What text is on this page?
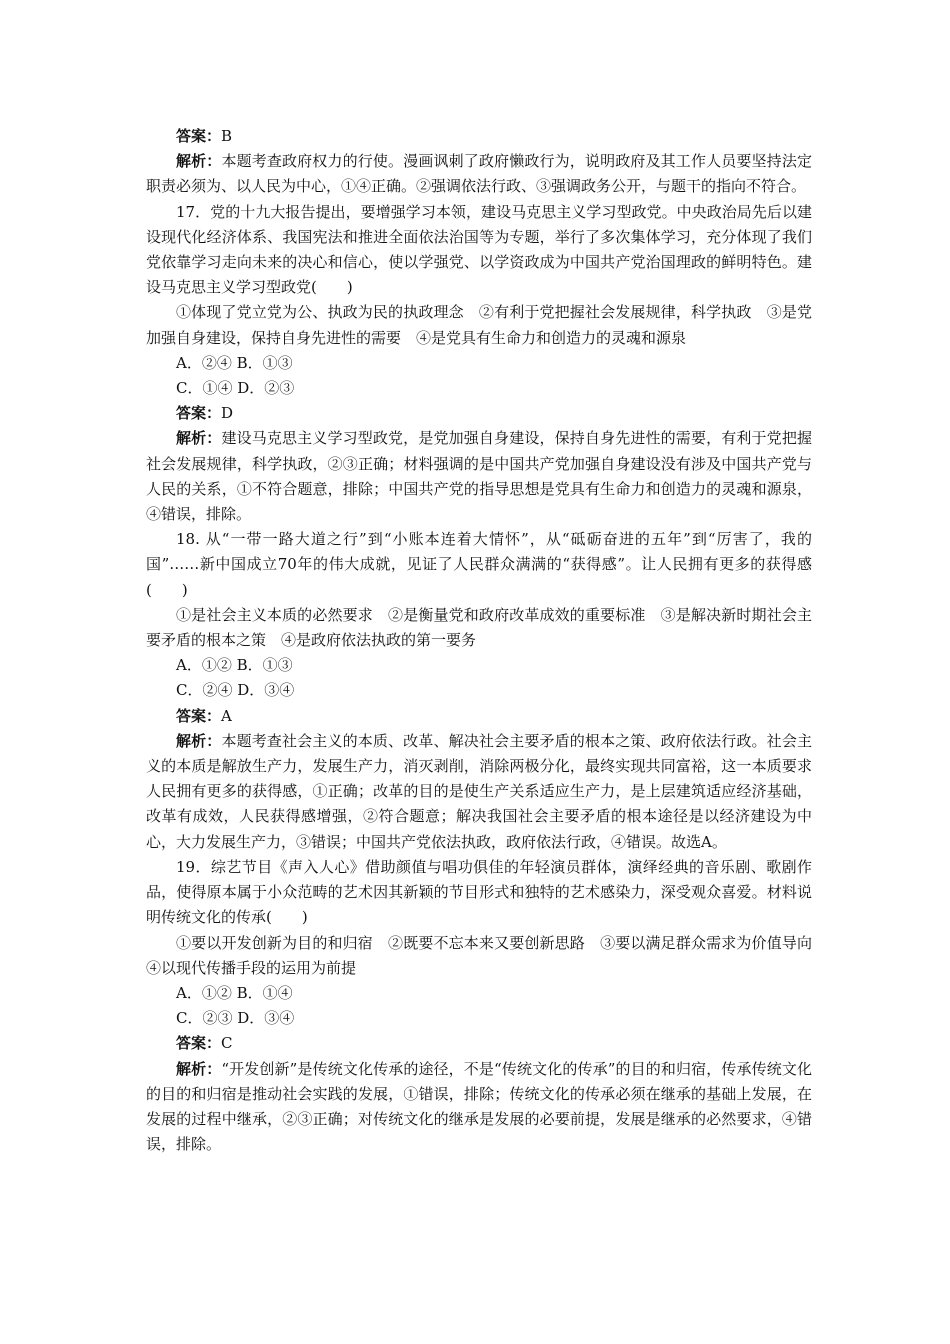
答案：B

解析：本题考查政府权力的行使。漫画讽刺了政府懒政行为，说明政府及其工作人员要坚持法定职责必须为、以人民为中心，①④正确。②强调依法行政、③强调政务公开，与题干的指向不符合。

17．党的十九大报告提出，要增强学习本领，建设马克思主义学习型政党。中央政治局先后以建设现代化经济体系、我国宪法和推进全面依法治国等为专题，举行了多次集体学习，充分体现了我们党依靠学习走向未来的决心和信心，使以学强党、以学资政成为中国共产党治国理政的鲜明特色。建设马克思主义学习型政党(　　)

①体现了党立党为公、执政为民的执政理念　②有利于党把握社会发展规律，科学执政　③是党加强自身建设，保持自身先进性的需要　④是党具有生命力和创造力的灵魂和源泉

A．②④ B．①③

C．①④ D．②③

答案：D

解析：建设马克思主义学习型政党，是党加强自身建设，保持自身先进性的需要，有利于党把握社会发展规律，科学执政，②③正确；材料强调的是中国共产党加强自身建设没有涉及中国共产党与人民的关系，①不符合题意，排除；中国共产党的指导思想是党具有生命力和创造力的灵魂和源泉，④错误，排除。

18. 从“一带一路大道之行”到“小账本连着大情怀”，从“砥砺奋进的五年”到“厉害了，我的国”……新中国成立70年的伟大成就，见证了人民群众满满的“获得感”。让人民拥有更多的获得感(　　)

①是社会主义本质的必然要求　②是衡量党和政府改革成效的重要标准　③是解决新时期社会主要矛盾的根本之策　④是政府依法执政的第一要务

A．①② B．①③

C．②④ D．③④

答案：A

解析：本题考查社会主义的本质、改革、解决社会主要矛盾的根本之策、政府依法行政。社会主义的本质是解放生产力，发展生产力，消灭剥削，消除两极分化，最终实现共同富裕，这一本质要求人民拥有更多的获得感，①正确；改革的目的是使生产关系适应生产力，是上层建筑适应经济基础，改革有成效，人民获得感增强，②符合题意；解决我国社会主要矛盾的根本途径是以经济建设为中心，大力发展生产力，③错误；中国共产党依法执政，政府依法行政，④错误。故选A。

19．综艺节目《声入人心》借助颜值与唱功俱佳的年轻演员群体，演绎经典的音乐剧、歌剧作品，使得原本属于小众范畴的艺术因其新颖的节目形式和独特的艺术感染力，深受观众喜爱。材料说明传统文化的传承(　　)

①要以开发创新为目的和归宿　②既要不忘本来又要创新思路　③要以满足群众需求为价值导向　④以现代传播手段的运用为前提

A．①② B．①④

C．②③ D．③④

答案：C

解析：“开发创新”是传统文化传承的途径，不是“传统文化的传承”的目的和归宿，传承传统文化的目的和归宿是推动社会实践的发展，①错误，排除；传统文化的传承必须在继承的基础上发展，在发展的过程中继承，②③正确；对传统文化的继承是发展的必要前提，发展是继承的必然要求，④错误，排除。
